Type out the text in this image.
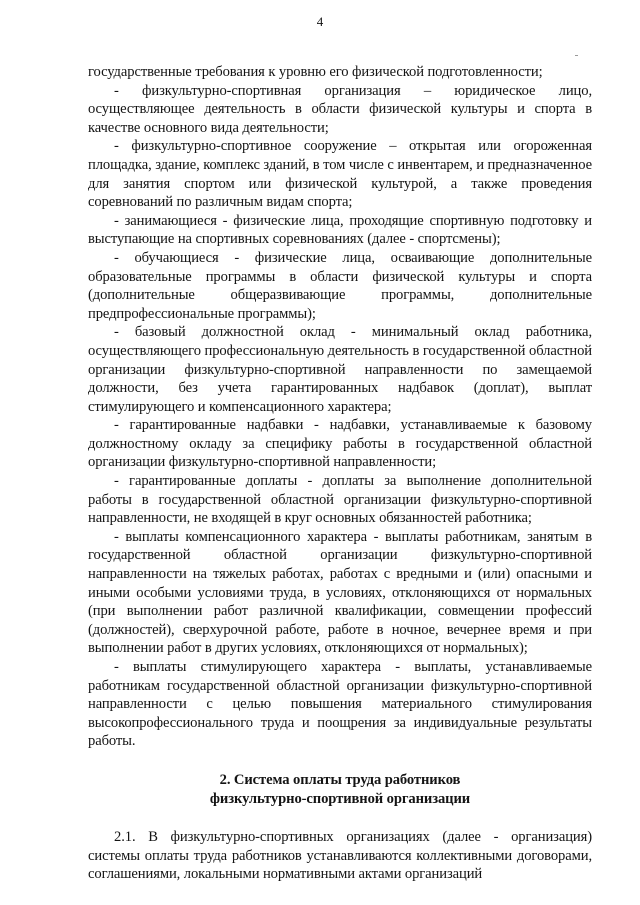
4

государственные требования к уровню его физической подготовленности;

- физкультурно-спортивная организация – юридическое лицо, осуществляющее деятельность в области физической культуры и спорта в качестве основного вида деятельности;

- физкультурно-спортивное сооружение – открытая или огороженная площадка, здание, комплекс зданий, в том числе с инвентарем, и предназначенное для занятия спортом или физической культурой, а также проведения соревнований по различным видам спорта;

- занимающиеся - физические лица, проходящие спортивную подготовку и выступающие на спортивных соревнованиях (далее - спортсмены);

- обучающиеся - физические лица, осваивающие дополнительные образовательные программы в области физической культуры и спорта (дополнительные общеразвивающие программы, дополнительные предпрофессиональные программы);

- базовый должностной оклад - минимальный оклад работника, осуществляющего профессиональную деятельность в государственной областной организации физкультурно-спортивной направленности по замещаемой должности, без учета гарантированных надбавок (доплат), выплат стимулирующего и компенсационного характера;

- гарантированные надбавки - надбавки, устанавливаемые к базовому должностному окладу за специфику работы в государственной областной организации физкультурно-спортивной направленности;

- гарантированные доплаты - доплаты за выполнение дополнительной работы в государственной областной организации физкультурно-спортивной направленности, не входящей в круг основных обязанностей работника;

- выплаты компенсационного характера - выплаты работникам, занятым в государственной областной организации физкультурно-спортивной направленности на тяжелых работах, работах с вредными и (или) опасными и иными особыми условиями труда, в условиях, отклоняющихся от нормальных (при выполнении работ различной квалификации, совмещении профессий (должностей), сверхурочной работе, работе в ночное, вечернее время и при выполнении работ в других условиях, отклоняющихся от нормальных);

- выплаты стимулирующего характера - выплаты, устанавливаемые работникам государственной областной организации физкультурно-спортивной направленности с целью повышения материального стимулирования высокопрофессионального труда и поощрения за индивидуальные результаты работы.

2. Система оплаты труда работников
физкультурно-спортивной организации

2.1. В физкультурно-спортивных организациях (далее - организация) системы оплаты труда работников устанавливаются коллективными договорами, соглашениями, локальными нормативными актами организаций
